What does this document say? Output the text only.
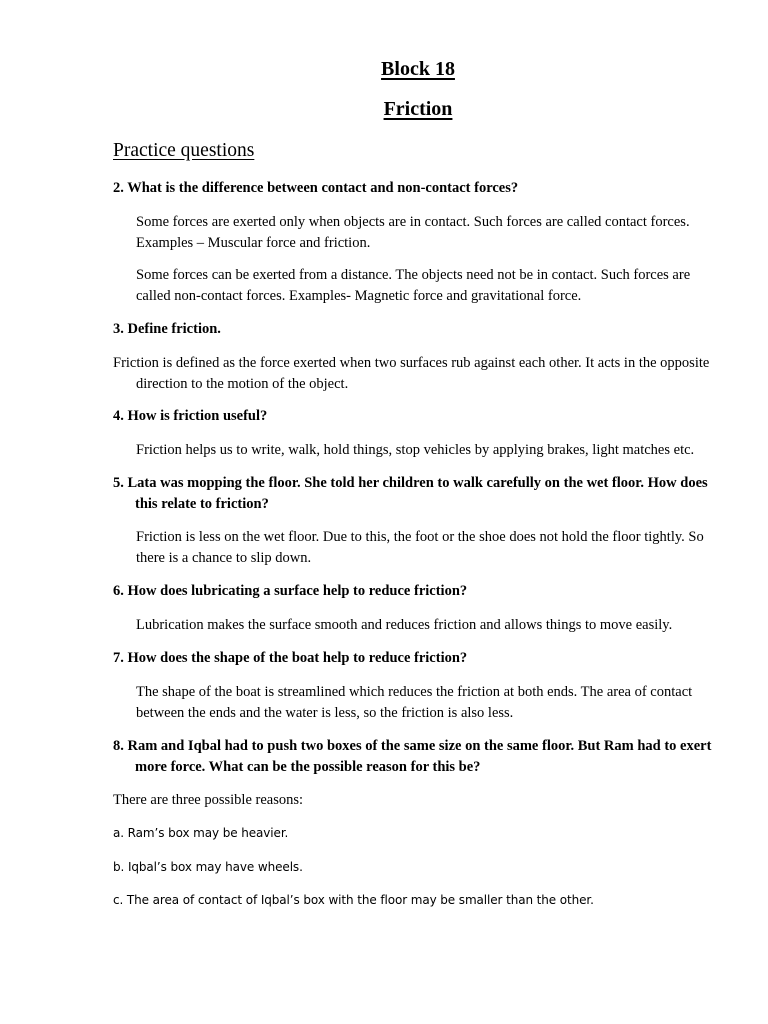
Block 18
Friction
Practice questions
2. What is the difference between contact and non-contact forces?
Some forces are exerted only when objects are in contact. Such forces are called contact forces. Examples – Muscular force and friction.
Some forces can be exerted from a distance. The objects need not be in contact. Such forces are called non-contact forces. Examples- Magnetic force and gravitational force.
3. Define friction.
Friction is defined as the force exerted when two surfaces rub against each other. It acts in the opposite direction to the motion of the object.
4. How is friction useful?
Friction helps us to write, walk, hold things, stop vehicles by applying brakes, light matches etc.
5. Lata was mopping the floor. She told her children to walk carefully on the wet floor. How does this relate to friction?
Friction is less on the wet floor. Due to this, the foot or the shoe does not hold the floor tightly. So there is a chance to slip down.
6. How does lubricating a surface help to reduce friction?
Lubrication makes the surface smooth and reduces friction and allows things to move easily.
7. How does the shape of the boat help to reduce friction?
The shape of the boat is streamlined which reduces the friction at both ends. The area of contact between the ends and the water is less, so the friction is also less.
8. Ram and Iqbal had to push two boxes of the same size on the same floor. But Ram had to exert more force. What can be the possible reason for this be?
There are three possible reasons:
a. Ram’s box may be heavier.
b. Iqbal’s box may have wheels.
c. The area of contact of Iqbal’s box with the floor may be smaller than the other.
